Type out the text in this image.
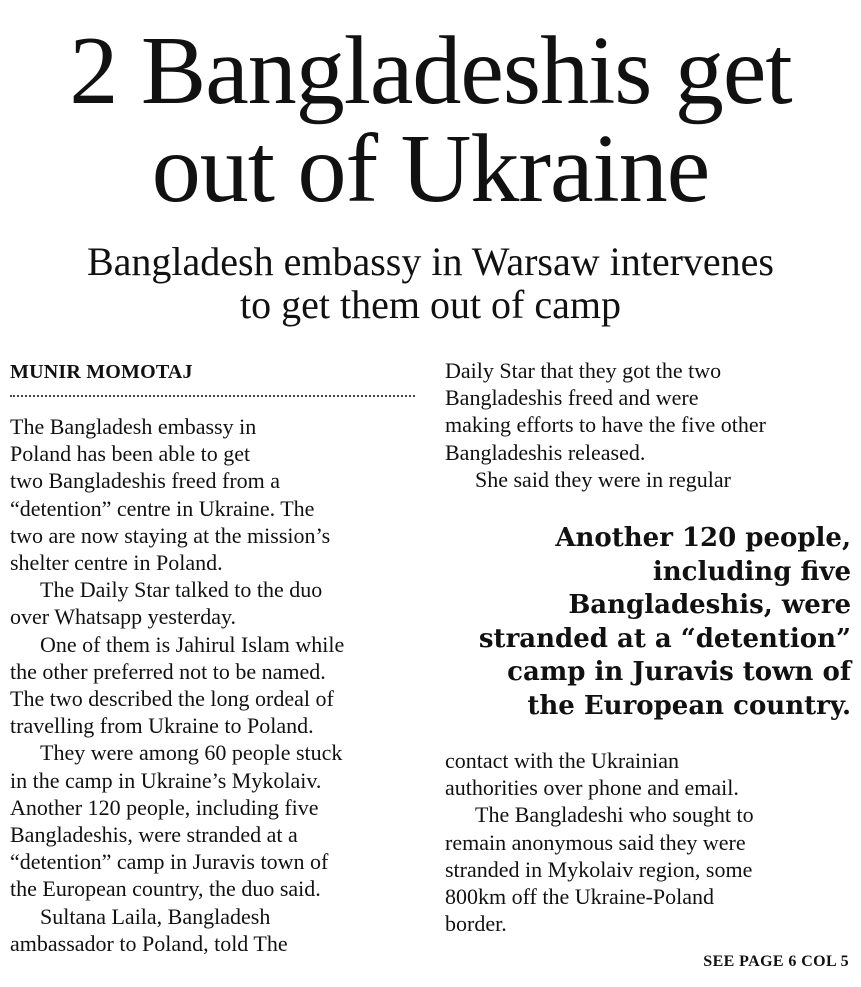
2 Bangladeshis get
out of Ukraine
Bangladesh embassy in Warsaw intervenes
to get them out of camp
MUNIR MOMOTAJ

The Bangladesh embassy in
Poland has been able to get
two Bangladeshis freed from a
“detention” centre in Ukraine. The
two are now staying at the mission’s
shelter centre in Poland.

The Daily Star talked to the duo
over Whatsapp yesterday.

One of them is Jahirul Islam while
the other preferred not to be named.
The two described the long ordeal of
travelling from Ukraine to Poland.

They were among 60 people stuck
in the camp in Ukraine’s Mykolaiv.
Another 120 people, including five
Bangladeshis, were stranded at a
“detention” camp in Juravis town of
the European country, the duo said.

Sultana Laila, Bangladesh
ambassador to Poland, told The

Daily Star that they got the two
Bangladeshis freed and were
making efforts to have the five other
Bangladeshis released.

She said they were in regular

Another 120 people,
including five
Bangladeshis, were
stranded at a “detention”
camp in Juravis town of
the European country.

contact with the Ukrainian
authorities over phone and email.

The Bangladeshi who sought to
remain anonymous said they were
stranded in Mykolaiv region, some
800km off the Ukraine-Poland
border.

SEE PAGE 6 COL 5
